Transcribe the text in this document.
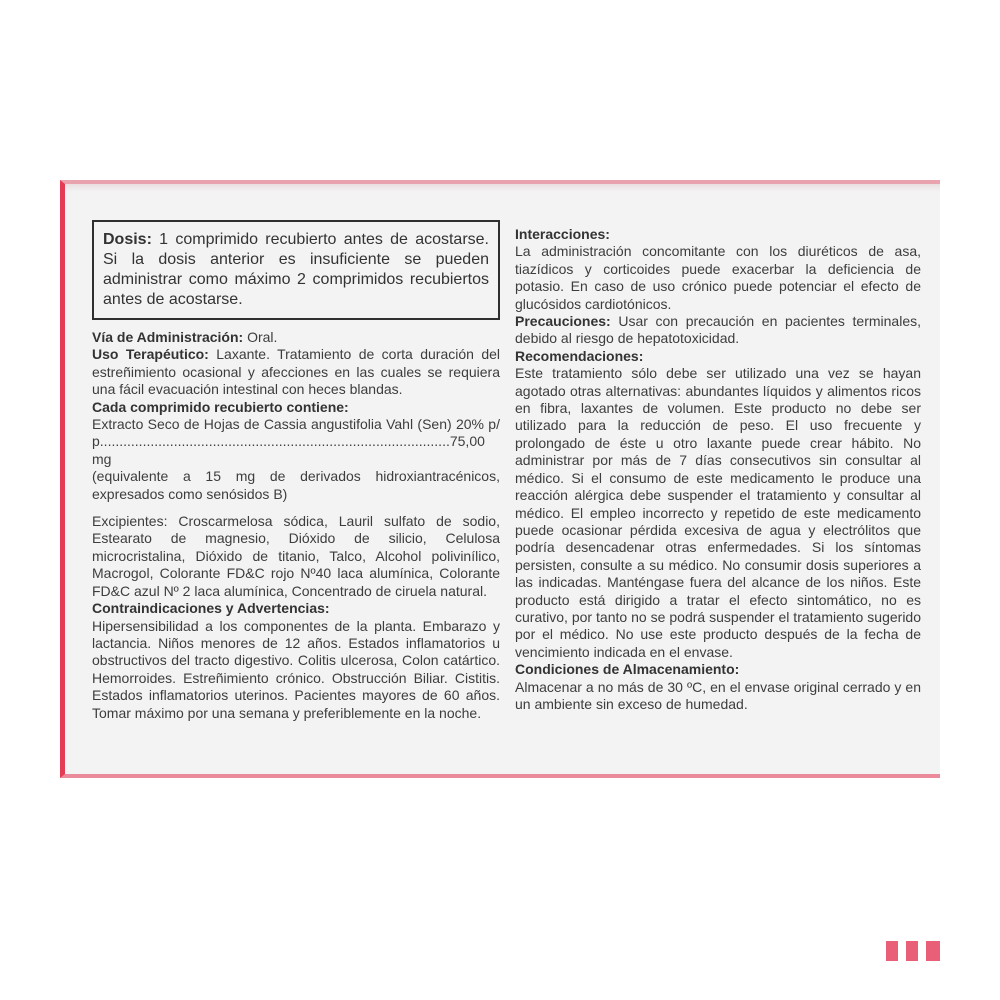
Dosis: 1 comprimido recubierto antes de acostarse. Si la dosis anterior es insuficiente se pueden administrar como máximo 2 comprimidos recubiertos antes de acostarse.

Vía de Administración: Oral.

Uso Terapéutico: Laxante. Tratamiento de corta duración del estreñimiento ocasional y afecciones en las cuales se requiera una fácil evacuación intestinal con heces blandas.

Cada comprimido recubierto contiene:

Extracto Seco de Hojas de Cassia angustifolia Vahl (Sen) 20% p/p..........................................................................................75,00 mg

(equivalente a 15 mg de derivados hidroxiantracénicos, expresados como senósidos B)

Excipientes: Croscarmelosa sódica, Lauril sulfato de sodio, Estearato de magnesio, Dióxido de silicio, Celulosa microcristalina, Dióxido de titanio, Talco, Alcohol polivinílico, Macrogol, Colorante FD&C rojo Nº40 laca alumínica, Colorante FD&C azul Nº 2 laca alumínica, Concentrado de ciruela natural.

Contraindicaciones y Advertencias:

Hipersensibilidad a los componentes de la planta. Embarazo y lactancia. Niños menores de 12 años. Estados inflamatorios u obstructivos del tracto digestivo. Colitis ulcerosa, Colon catártico. Hemorroides. Estreñimiento crónico. Obstrucción Biliar. Cistitis. Estados inflamatorios uterinos. Pacientes mayores de 60 años. Tomar máximo por una semana y preferiblemente en la noche.

Interacciones:

La administración concomitante con los diuréticos de asa, tiazídicos y corticoides puede exacerbar la deficiencia de potasio. En caso de uso crónico puede potenciar el efecto de glucósidos cardiotónicos.

Precauciones: Usar con precaución en pacientes terminales, debido al riesgo de hepatotoxicidad.

Recomendaciones:

Este tratamiento sólo debe ser utilizado una vez se hayan agotado otras alternativas: abundantes líquidos y alimentos ricos en fibra, laxantes de volumen. Este producto no debe ser utilizado para la reducción de peso. El uso frecuente y prolongado de éste u otro laxante puede crear hábito. No administrar por más de 7 días consecutivos sin consultar al médico. Si el consumo de este medicamento le produce una reacción alérgica debe suspender el tratamiento y consultar al médico. El empleo incorrecto y repetido de este medicamento puede ocasionar pérdida excesiva de agua y electrólitos que podría desencadenar otras enfermedades. Si los síntomas persisten, consulte a su médico. No consumir dosis superiores a las indicadas. Manténgase fuera del alcance de los niños. Este producto está dirigido a tratar el efecto sintomático, no es curativo, por tanto no se podrá suspender el tratamiento sugerido por el médico. No use este producto después de la fecha de vencimiento indicada en el envase.

Condiciones de Almacenamiento:

Almacenar a no más de 30 ºC, en el envase original cerrado y en un ambiente sin exceso de humedad.
